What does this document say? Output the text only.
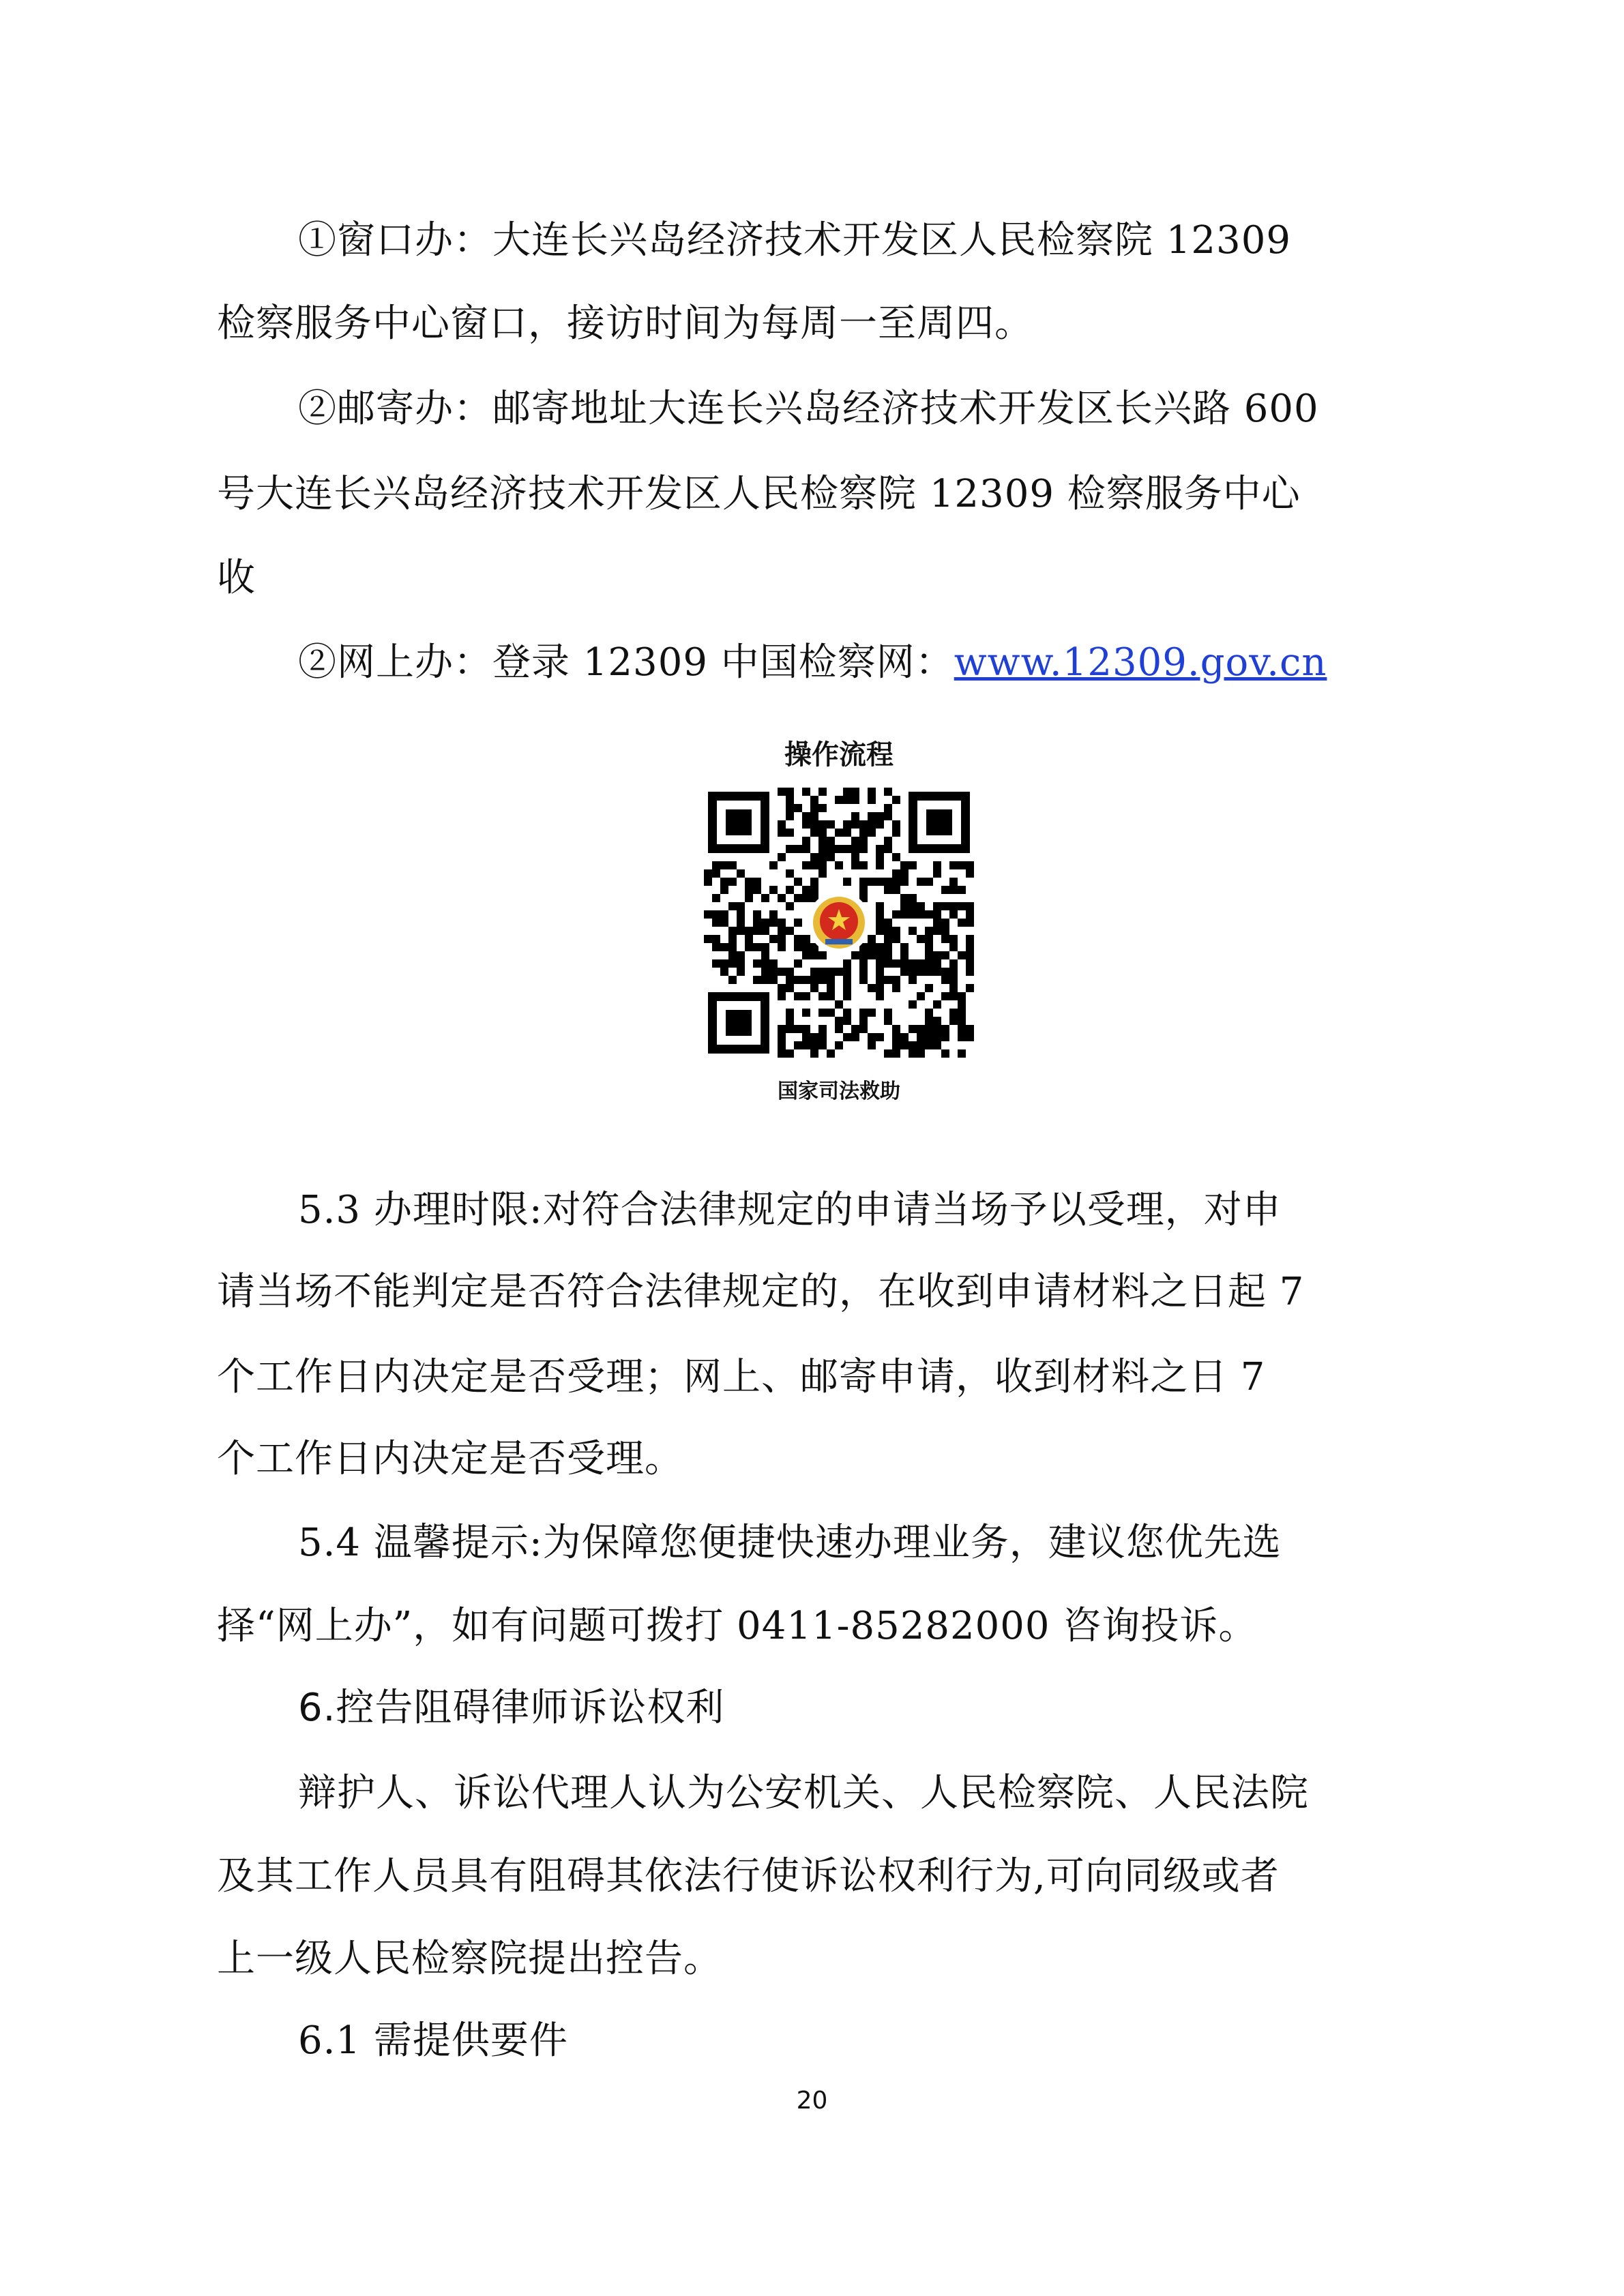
①窗口办：大连长兴岛经济技术开发区人民检察院 12309
检察服务中心窗口，接访时间为每周一至周四。
②邮寄办：邮寄地址大连长兴岛经济技术开发区长兴路 600
号大连长兴岛经济技术开发区人民检察院 12309 检察服务中心
收
②网上办：登录 12309 中国检察网：www.12309.gov.cn
操作流程
国家司法救助
5.3 办理时限:对符合法律规定的申请当场予以受理，对申
请当场不能判定是否符合法律规定的，在收到申请材料之日起 7
个工作日内决定是否受理；网上、邮寄申请，收到材料之日 7
个工作日内决定是否受理。
5.4 温馨提示:为保障您便捷快速办理业务，建议您优先选
择“网上办”，如有问题可拨打 0411-85282000 咨询投诉。
6.控告阻碍律师诉讼权利
辩护人、诉讼代理人认为公安机关、人民检察院、人民法院
及其工作人员具有阻碍其依法行使诉讼权利行为,可向同级或者
上一级人民检察院提出控告。
6.1 需提供要件
20
